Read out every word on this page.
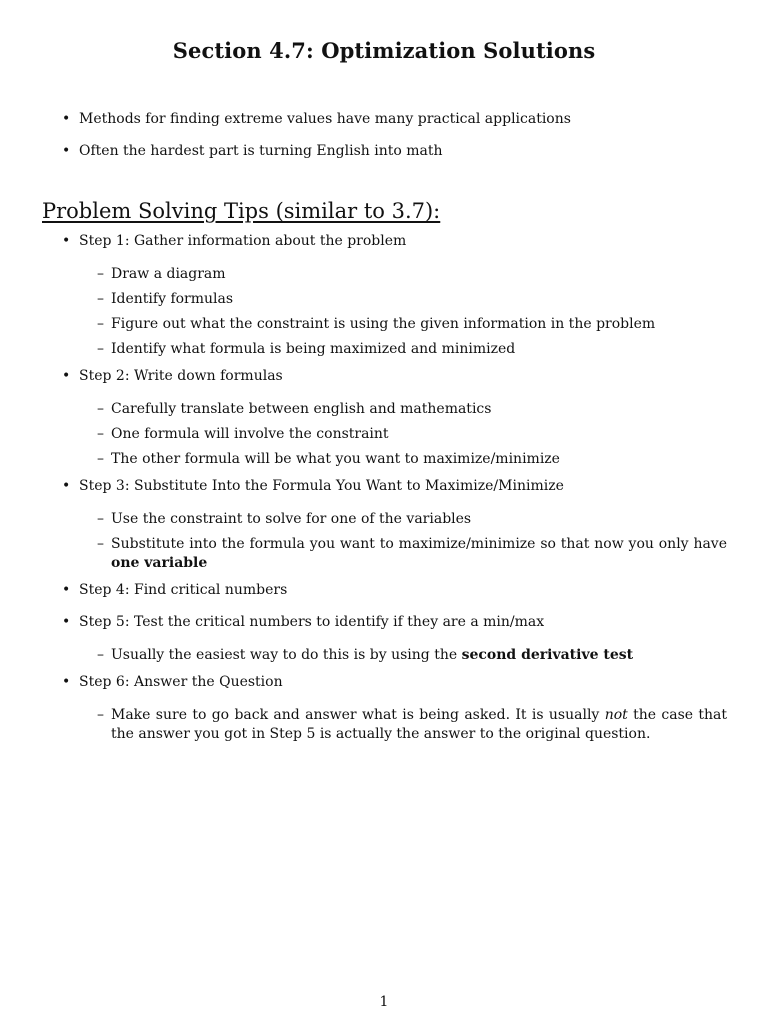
Section 4.7: Optimization Solutions
• Methods for finding extreme values have many practical applications
• Often the hardest part is turning English into math
Problem Solving Tips (similar to 3.7):
• Step 1: Gather information about the problem
– Draw a diagram
– Identify formulas
– Figure out what the constraint is using the given information in the problem
– Identify what formula is being maximized and minimized
• Step 2: Write down formulas
– Carefully translate between english and mathematics
– One formula will involve the constraint
– The other formula will be what you want to maximize/minimize
• Step 3: Substitute Into the Formula You Want to Maximize/Minimize
– Use the constraint to solve for one of the variables
– Substitute into the formula you want to maximize/minimize so that now you only have one variable
• Step 4: Find critical numbers
• Step 5: Test the critical numbers to identify if they are a min/max
– Usually the easiest way to do this is by using the second derivative test
• Step 6: Answer the Question
– Make sure to go back and answer what is being asked. It is usually not the case that the answer you got in Step 5 is actually the answer to the original question.

1
